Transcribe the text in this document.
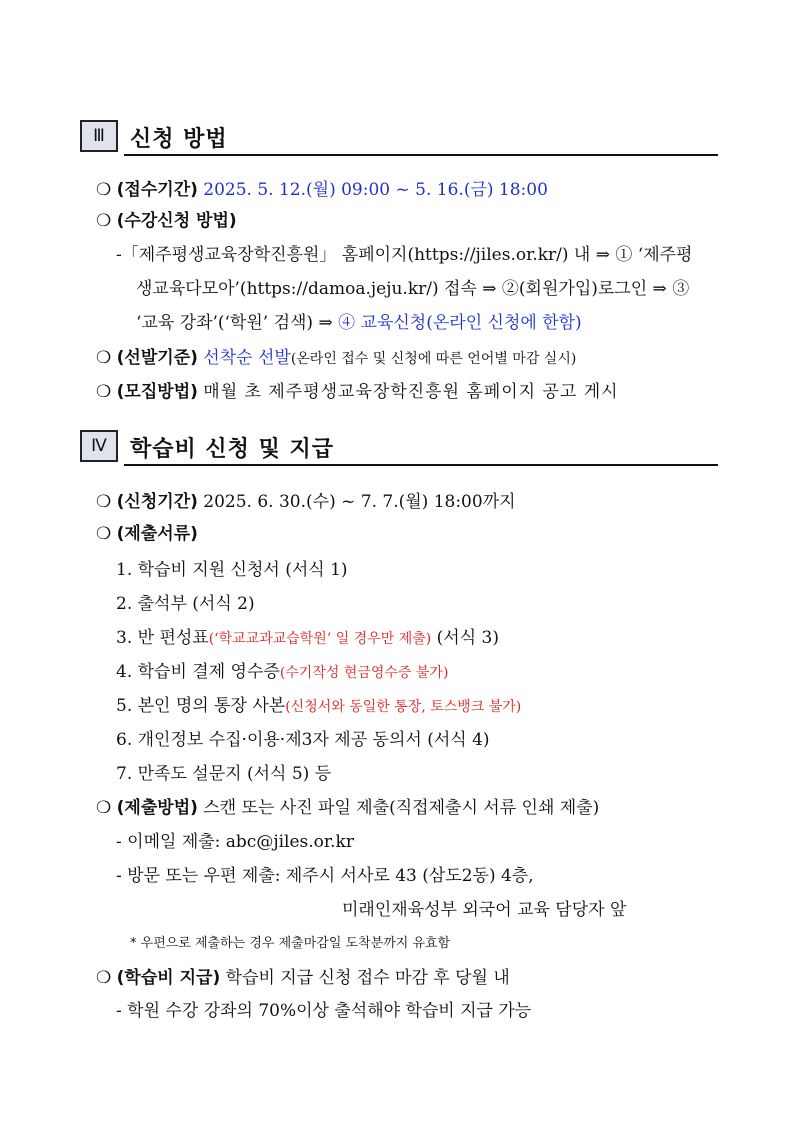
Ⅲ	신청 방법
❍ (접수기간) 2025. 5. 12.(월) 09:00 ~ 5. 16.(금) 18:00
❍ (수강신청 방법)
-「제주평생교육장학진흥원」 홈페이지(https://jiles.or.kr/) 내 ⇒ ① ‘제주평
생교육다모아’(https://damoa.jeju.kr/) 접속 ⇒ ②(회원가입)로그인 ⇒ ③
‘교육 강좌’(‘학원’ 검색) ⇒ ④ 교육신청(온라인 신청에 한함)
❍ (선발기준) 선착순 선발(온라인 접수 및 신청에 따른 언어별 마감 실시)
❍ (모집방법) 매월 초 제주평생교육장학진흥원 홈페이지 공고 게시
Ⅳ	학습비 신청 및 지급
❍ (신청기간) 2025. 6. 30.(수) ~ 7. 7.(월) 18:00까지
❍ (제출서류)
1. 학습비 지원 신청서 (서식 1)
2. 출석부 (서식 2)
3. 반 편성표(‘학교교과교습학원’ 일 경우만 제출) (서식 3)
4. 학습비 결제 영수증(수기작성 현금영수증 불가)
5. 본인 명의 통장 사본(신청서와 동일한 통장, 토스뱅크 불가)
6. 개인정보 수집·이용·제3자 제공 동의서 (서식 4)
7. 만족도 설문지 (서식 5) 등
❍ (제출방법) 스캔 또는 사진 파일 제출(직접제출시 서류 인쇄 제출)
- 이메일 제출: abc@jiles.or.kr
- 방문 또는 우편 제출: 제주시 서사로 43 (삼도2동) 4층,
미래인재육성부 외국어 교육 담당자 앞
* 우편으로 제출하는 경우 제출마감일 도착분까지 유효함
❍ (학습비 지급) 학습비 지급 신청 접수 마감 후 당월 내
- 학원 수강 강좌의 70%이상 출석해야 학습비 지급 가능
